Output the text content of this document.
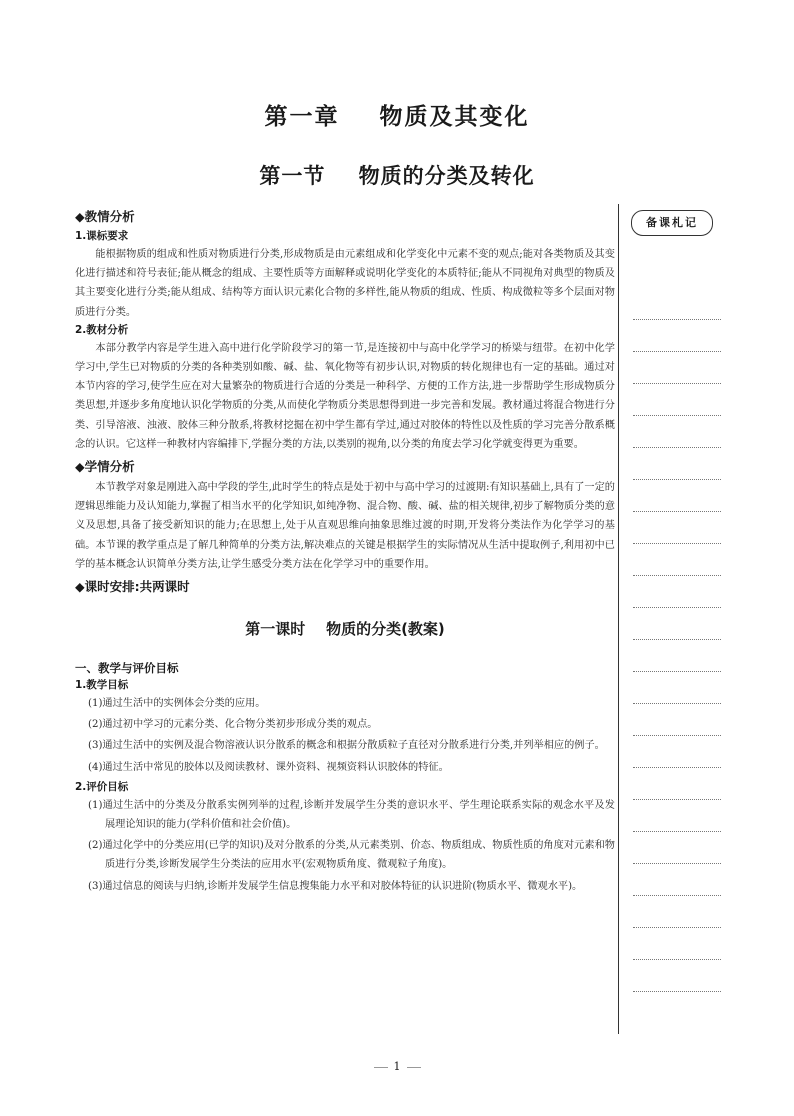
第一章    物质及其变化
第一节    物质的分类及转化
备课札记
◆教情分析
1.课标要求

能根据物质的组成和性质对物质进行分类,形成物质是由元素组成和化学变化中元素不变的观点;能对各类物质及其变化进行描述和符号表征;能从概念的组成、主要性质等方面解释或说明化学变化的本质特征;能从不同视角对典型的物质及其主要变化进行分类;能从组成、结构等方面认识元素化合物的多样性,能从物质的组成、性质、构成微粒等多个层面对物质进行分类。

2.教材分析

本部分教学内容是学生进入高中进行化学阶段学习的第一节,是连接初中与高中化学学习的桥梁与纽带。在初中化学学习中,学生已对物质的分类的各种类别如酸、碱、盐、氧化物等有初步认识,对物质的转化规律也有一定的基础。通过对本节内容的学习,使学生应在对大量繁杂的物质进行合适的分类是一种科学、方便的工作方法,进一步帮助学生形成物质分类思想,并逐步多角度地认识化学物质的分类,从而使化学物质分类思想得到进一步完善和发展。教材通过将混合物进行分类、引导溶液、浊液、胶体三种分散系,将教材挖掘在初中学生都有学过,通过对胶体的特性以及性质的学习完善分散系概念的认识。它这样一种教材内容编排下,学握分类的方法,以类别的视角,以分类的角度去学习化学就变得更为重要。

◆学情分析

本节教学对象是刚进入高中学段的学生,此时学生的特点是处于初中与高中学习的过渡期:有知识基础上,具有了一定的逻辑思维能力及认知能力,掌握了相当水平的化学知识,如纯净物、混合物、酸、碱、盐的相关规律,初步了解物质分类的意义及思想,具备了接受新知识的能力;在思想上,处于从直观思维向抽象思维过渡的时期,开发将分类法作为化学学习的基础。本节课的教学重点是了解几种简单的分类方法,解决难点的关键是根据学生的实际情况从生活中提取例子,利用初中已学的基本概念认识简单分类方法,让学生感受分类方法在化学学习中的重要作用。

◆课时安排:共两课时
第一课时    物质的分类(教案)
一、教学与评价目标
1.教学目标

(1)通过生活中的实例体会分类的应用。

(2)通过初中学习的元素分类、化合物分类初步形成分类的观点。

(3)通过生活中的实例及混合物溶液认识分散系的概念和根据分散质粒子直径对分散系进行分类,并列举相应的例子。

(4)通过生活中常见的胶体以及阅读教材、课外资料、视频资料认识胶体的特征。

2.评价目标

(1)通过生活中的分类及分散系实例列举的过程,诊断并发展学生分类的意识水平、学生理论联系实际的观念水平及发展理论知识的能力(学科价值和社会价值)。

(2)通过化学中的分类应用(已学的知识)及对分散系的分类,从元素类别、价态、物质组成、物质性质的角度对元素和物质进行分类,诊断发展学生分类法的应用水平(宏观物质角度、微观粒子角度)。

(3)通过信息的阅读与归纳,诊断并发展学生信息搜集能力水平和对胶体特征的认识进阶(物质水平、微观水平)。

1
